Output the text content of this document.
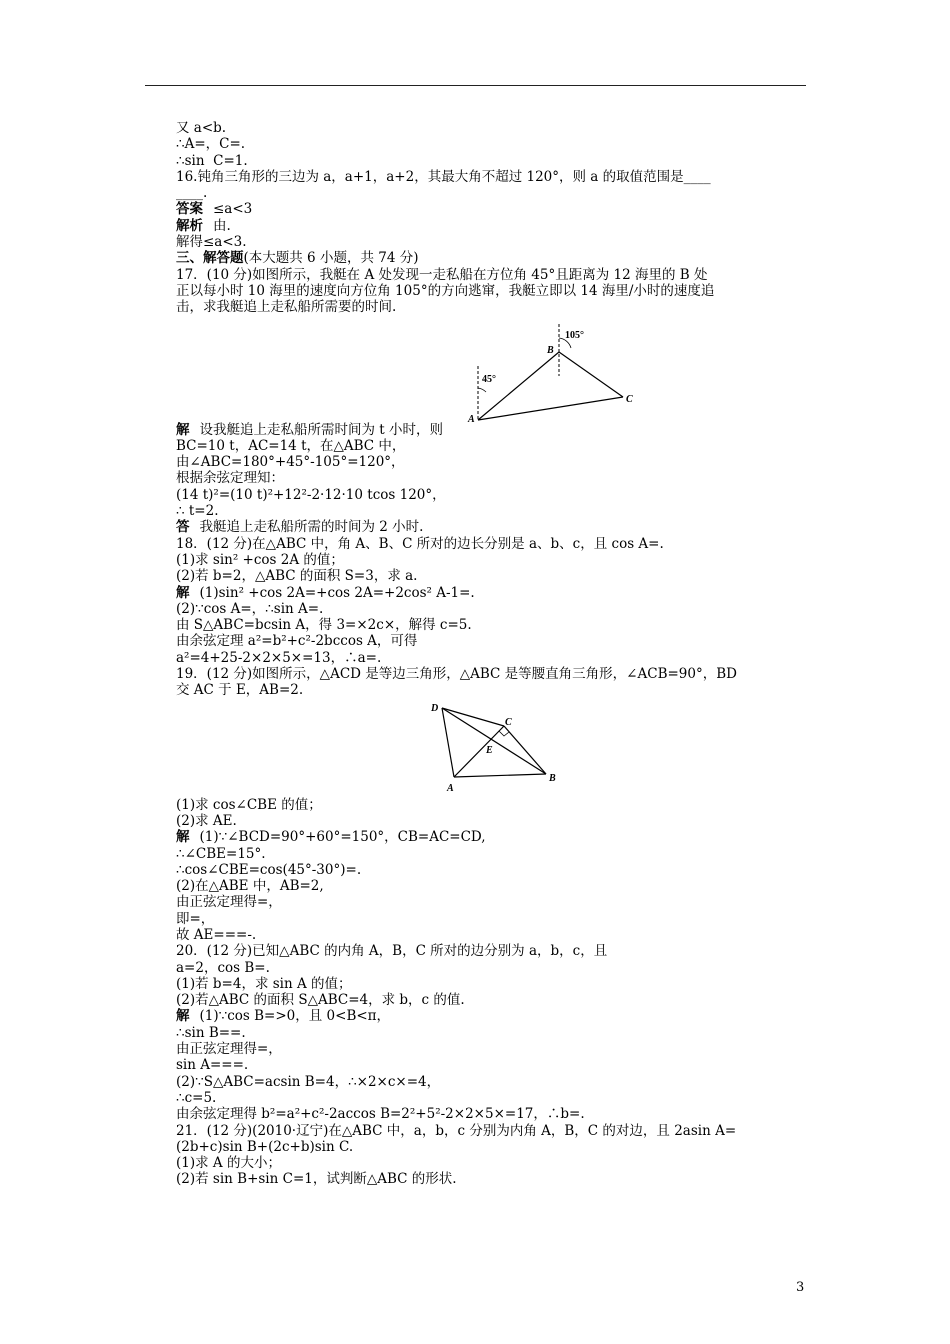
又 a<b.
∴A=，C=.
∴sin  C=1.
16.钝角三角形的三边为 a，a+1，a+2，其最大角不超过 120°，则 a 的取值范围是____
____.
答案 ≤a<3
解析 由.
解得≤a<3.
三、解答题(本大题共 6 小题，共 74 分)
17．(10 分)如图所示，我艇在 A 处发现一走私船在方位角 45°且距离为 12 海里的 B 处
正以每小时 10 海里的速度向方位角 105°的方向逃窜，我艇立即以 14 海里/小时的速度追
击，求我艇追上走私船所需要的时间.
45°
105°
A
B
C
解 设我艇追上走私船所需时间为 t 小时，则
BC=10 t，AC=14 t，在△ABC 中，
由∠ABC=180°+45°-105°=120°，
根据余弦定理知：
(14 t)²=(10 t)²+12²-2·12·10 tcos 120°，
∴ t=2.
答 我艇追上走私船所需的时间为 2 小时.
18．(12 分)在△ABC 中，角 A、B、C 所对的边长分别是 a、b、c，且 cos A=.
(1)求 sin² +cos 2A 的值；
(2)若 b=2，△ABC 的面积 S=3，求 a.
解 (1)sin² +cos 2A=+cos 2A=+2cos² A-1=.
(2)∵cos A=，∴sin A=.
由 S△ABC=bcsin A，得 3=×2c×，解得 c=5.
由余弦定理 a²=b²+c²-2bccos A，可得
a²=4+25-2×2×5×=13，∴a=.
19．(12 分)如图所示，△ACD 是等边三角形，△ABC 是等腰直角三角形，∠ACB=90°，BD
交 AC 于 E，AB=2.
D
C
E
A
B
(1)求 cos∠CBE 的值；
(2)求 AE.
解 (1)∵∠BCD=90°+60°=150°，CB=AC=CD,
∴∠CBE=15°.
∴cos∠CBE=cos(45°-30°)=.
(2)在△ABE 中，AB=2,
由正弦定理得=，
即=，
故 AE===-.
20．(12 分)已知△ABC 的内角 A，B，C 所对的边分别为 a，b，c，且
a=2，cos B=.
(1)若 b=4，求 sin A 的值；
(2)若△ABC 的面积 S△ABC=4，求 b，c 的值.
解 (1)∵cos B=>0，且 0<B<π，
∴sin B==.
由正弦定理得=，
sin A===.
(2)∵S△ABC=acsin B=4，∴×2×c×=4，
∴c=5.
由余弦定理得 b²=a²+c²-2accos B=2²+5²-2×2×5×=17，∴b=.
21．(12 分)(2010·辽宁)在△ABC 中，a，b，c 分别为内角 A，B，C 的对边，且 2asin A=
(2b+c)sin B+(2c+b)sin C.
(1)求 A 的大小；
(2)若 sin B+sin C=1，试判断△ABC 的形状.
3
